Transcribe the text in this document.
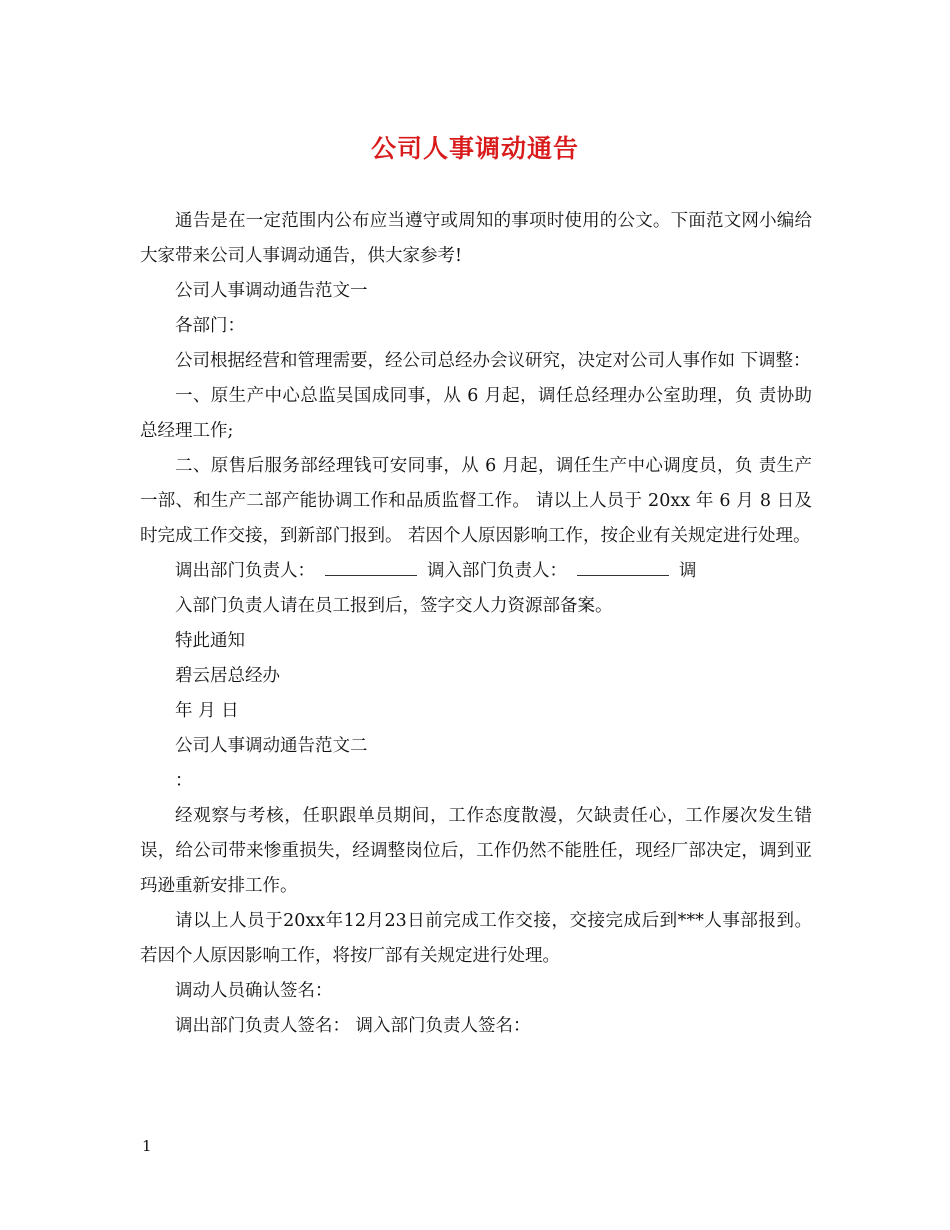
公司人事调动通告

通告是在一定范围内公布应当遵守或周知的事项时使用的公文。下面范文网小编给大家带来公司人事调动通告，供大家参考!

公司人事调动通告范文一

各部门：

公司根据经营和管理需要，经公司总经办会议研究，决定对公司人事作如 下调整：

一、原生产中心总监吴国成同事，从 6 月起，调任总经理办公室助理，负 责协助总经理工作;

二、原售后服务部经理钱可安同事，从 6 月起，调任生产中心调度员，负 责生产一部、和生产二部产能协调工作和品质监督工作。 请以上人员于 20xx 年 6 月 8 日及时完成工作交接，到新部门报到。 若因个人原因影响工作，按企业有关规定进行处理。

调出部门负责人：	调入部门负责人：	调

入部门负责人请在员工报到后，签字交人力资源部备案。

特此通知

碧云居总经办

年 月 日

公司人事调动通告范文二

：

经观察与考核，任职跟单员期间，工作态度散漫，欠缺责任心，工作屡次发生错误，给公司带来惨重损失，经调整岗位后，工作仍然不能胜任，现经厂部决定，调到亚玛逊重新安排工作。

请以上人员于20xx年12月23日前完成工作交接，交接完成后到***人事部报到。 若因个人原因影响工作，将按厂部有关规定进行处理。

调动人员确认签名：

调出部门负责人签名： 调入部门负责人签名：

1
